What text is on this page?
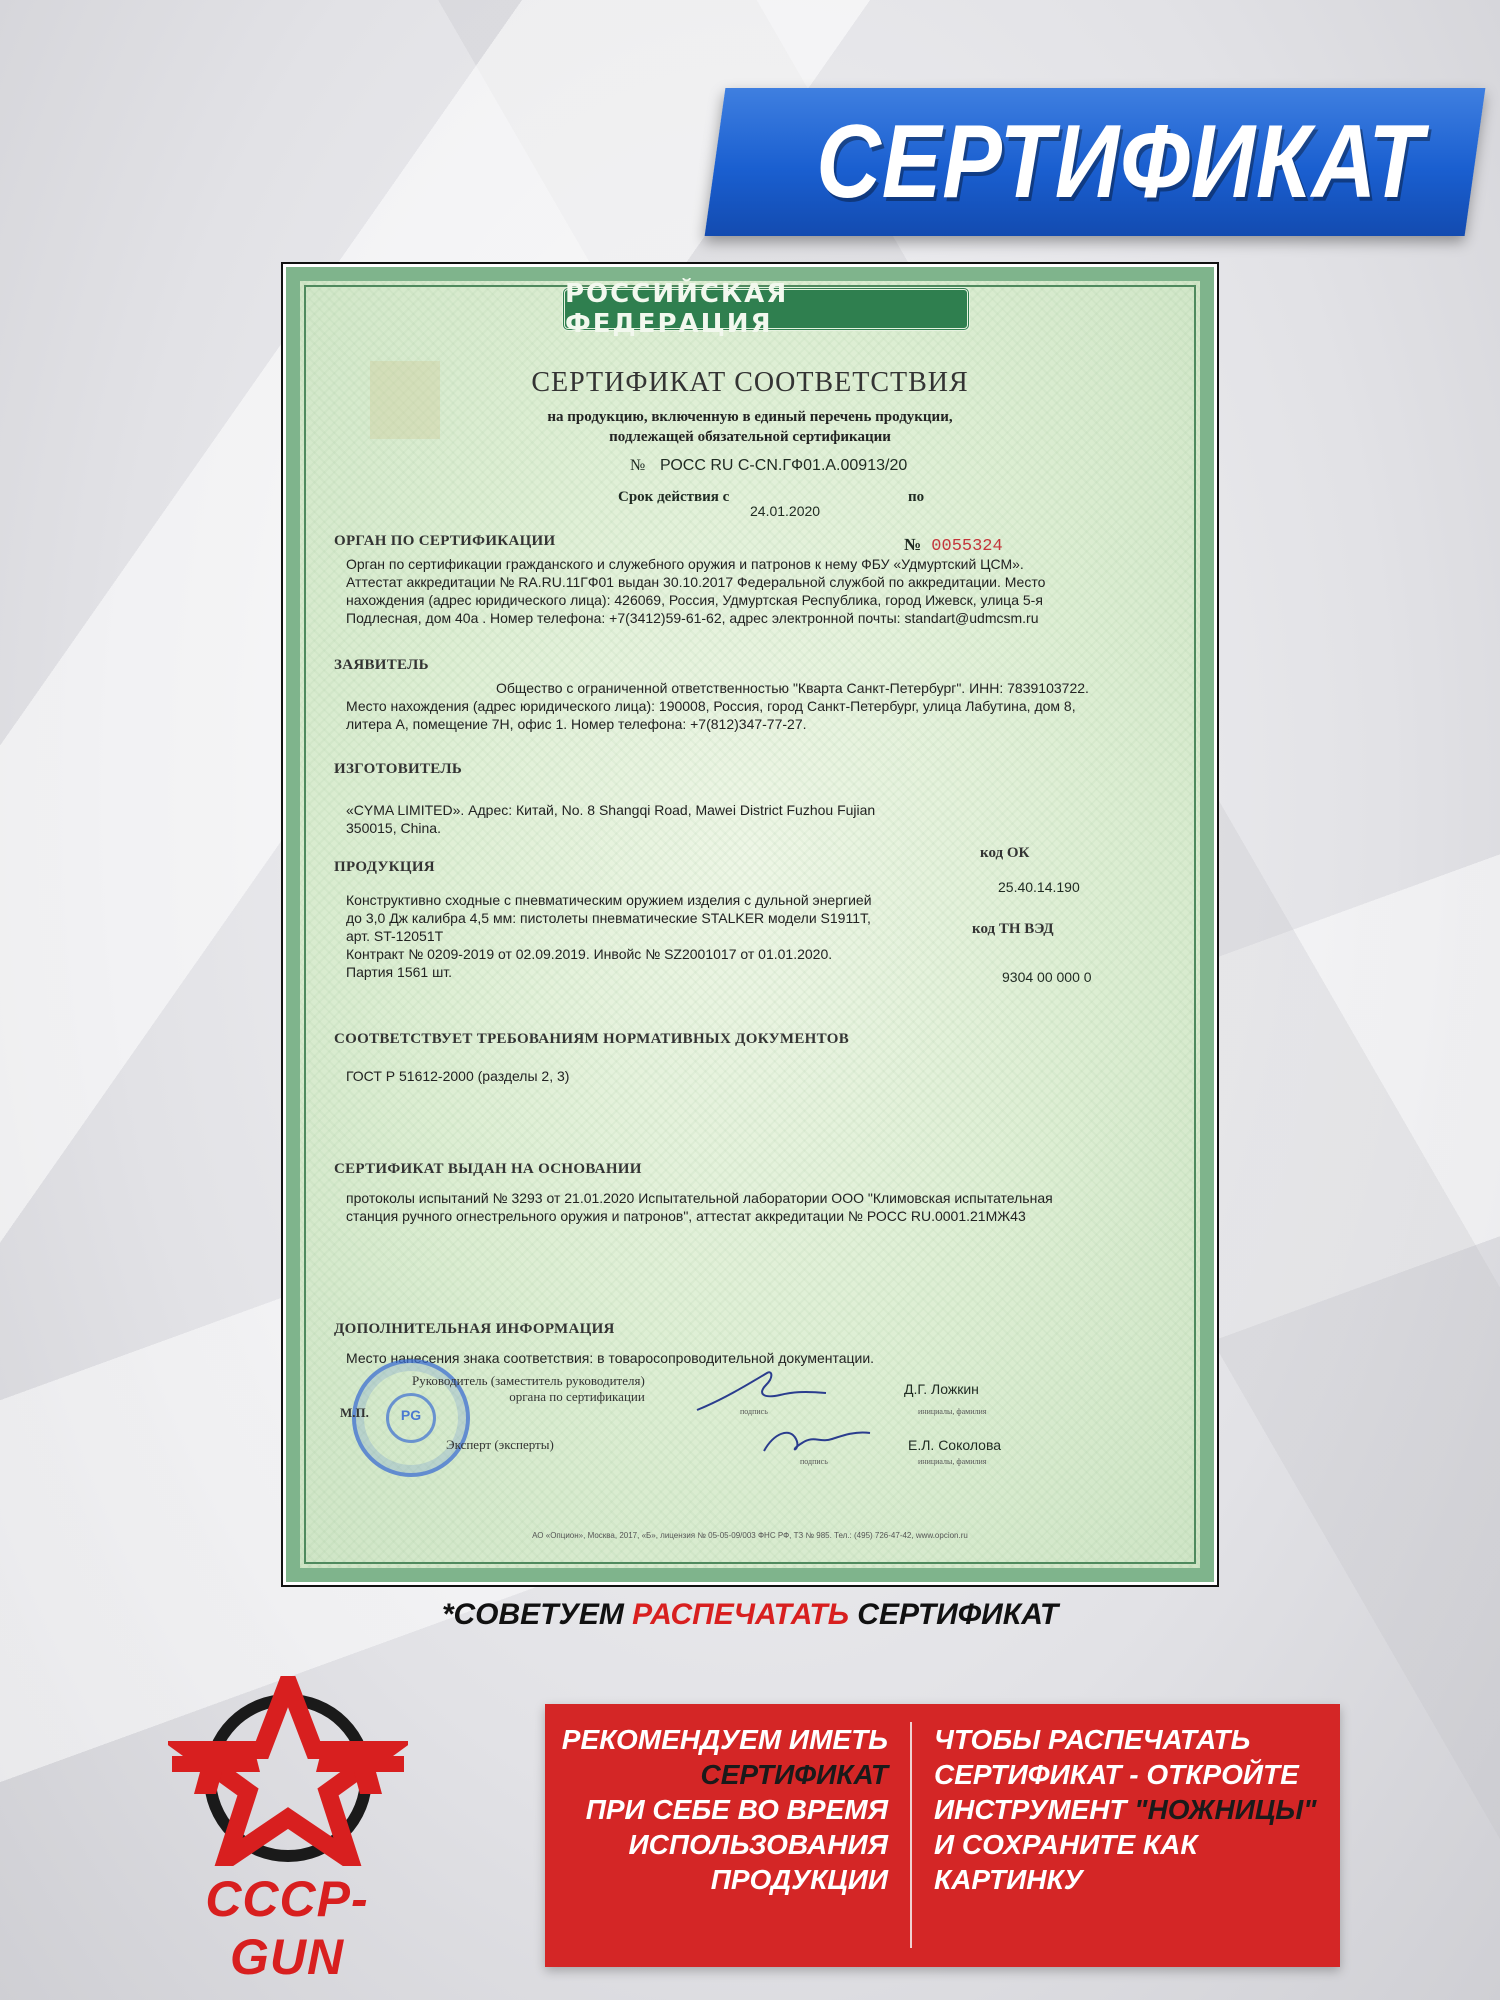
СЕРТИФИКАТ
РОССИЙСКАЯ ФЕДЕРАЦИЯ
СЕРТИФИКАТ СООТВЕТСТВИЯ
на продукцию, включенную в единый перечень продукции,
подлежащей обязательной сертификации
№ РОСС RU С-CN.ГФ01.А.00913/20
Срок действия с
24.01.2020
по
ОРГАН ПО СЕРТИФИКАЦИИ	№ 0055324
Орган по сертификации гражданского и служебного оружия и патронов к нему ФБУ «Удмуртский ЦСМ».
Аттестат аккредитации № RA.RU.11ГФ01 выдан 30.10.2017 Федеральной службой по аккредитации. Место
нахождения (адрес юридического лица): 426069, Россия, Удмуртская Республика, город Ижевск, улица 5-я
Подлесная, дом 40а . Номер телефона: +7(3412)59-61-62, адрес электронной почты: standart@udmcsm.ru
ЗАЯВИТЕЛЬ
Общество с ограниченной ответственностью "Кварта Санкт-Петербург". ИНН: 7839103722.
Место нахождения (адрес юридического лица): 190008, Россия, город Санкт-Петербург, улица Лабутина, дом 8,
литера А, помещение 7Н, офис 1. Номер телефона: +7(812)347-77-27.
ИЗГОТОВИТЕЛЬ
«CYMA LIMITED». Адрес: Китай, No. 8 Shangqi Road, Mawei District Fuzhou Fujian
350015, China.
ПРОДУКЦИЯ
код ОК
25.40.14.190
код ТН ВЭД
9304 00 000 0
Конструктивно сходные с пневматическим оружием изделия с дульной энергией
до 3,0 Дж калибра 4,5 мм: пистолеты пневматические STALKER модели S1911T,
арт. ST-12051T
Контракт № 0209-2019 от 02.09.2019. Инвойс № SZ2001017 от 01.01.2020.
Партия 1561 шт.
СООТВЕТСТВУЕТ ТРЕБОВАНИЯМ НОРМАТИВНЫХ ДОКУМЕНТОВ
ГОСТ Р 51612-2000 (разделы 2, 3)
СЕРТИФИКАТ ВЫДАН НА ОСНОВАНИИ
протоколы испытаний № 3293 от 21.01.2020 Испытательной лаборатории ООО "Климовская испытательная
станция ручного огнестрельного оружия и патронов", аттестат аккредитации № РОСС RU.0001.21МЖ43
ДОПОЛНИТЕЛЬНАЯ ИНФОРМАЦИЯ
Место нанесения знака соответствия: в товаросопроводительной документации.
PG
М.П.
Руководитель (заместитель руководителя)
органа по сертификации
подпись
Д.Г. Ложкин
инициалы, фамилия
Эксперт (эксперты)
подпись
Е.Л. Соколова
инициалы, фамилия
АО «Опцион», Москва, 2017, «Б», лицензия № 05-05-09/003 ФНС РФ, ТЗ № 985. Тел.: (495) 726-47-42, www.opcion.ru
*СОВЕТУЕМ РАСПЕЧАТАТЬ СЕРТИФИКАТ
CCCP-GUN
РЕКОМЕНДУЕМ ИМЕТЬ
СЕРТИФИКАТ
ПРИ СЕБЕ ВО ВРЕМЯ
ИСПОЛЬЗОВАНИЯ
ПРОДУКЦИИ
ЧТОБЫ РАСПЕЧАТАТЬ
СЕРТИФИКАТ - ОТКРОЙТЕ
ИНСТРУМЕНТ "НОЖНИЦЫ"
И СОХРАНИТЕ КАК
КАРТИНКУ
